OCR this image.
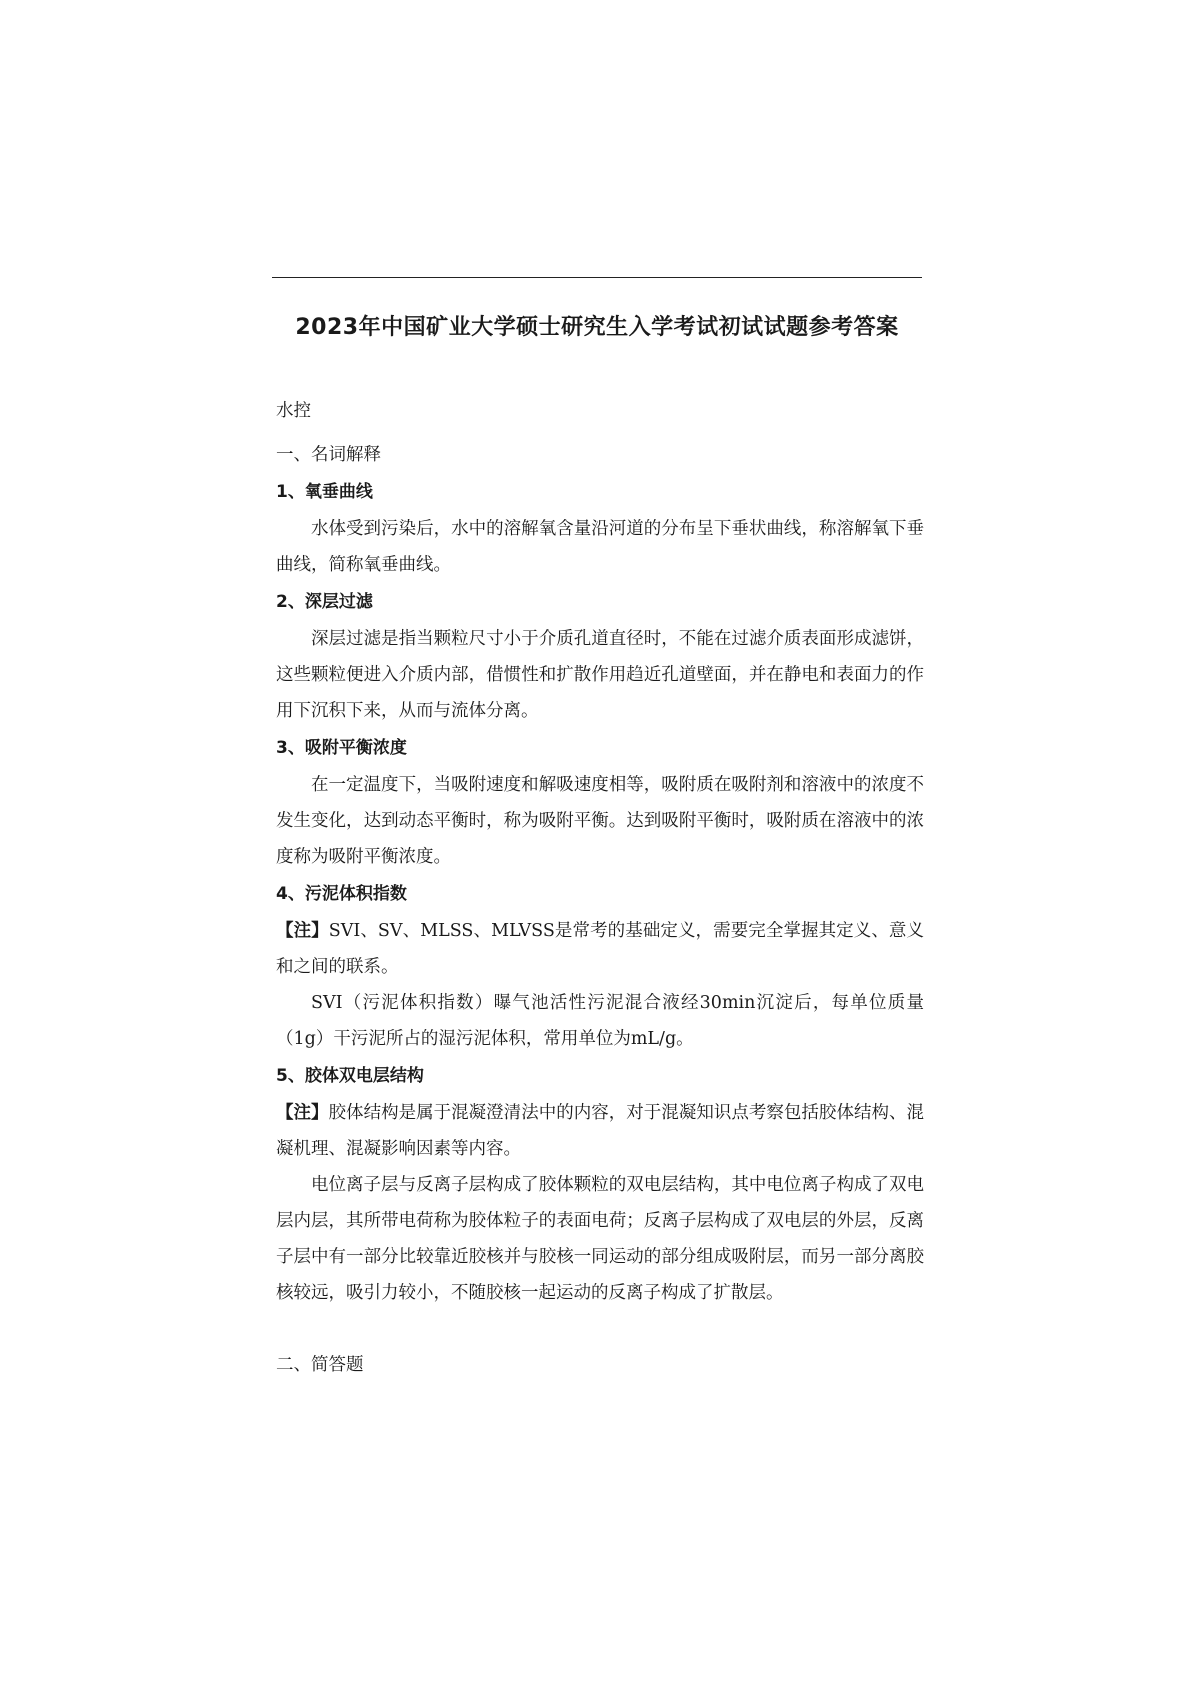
2023年中国矿业大学硕士研究生入学考试初试试题参考答案

水控

一、名词解释

1、氧垂曲线

水体受到污染后，水中的溶解氧含量沿河道的分布呈下垂状曲线，称溶解氧下垂曲线，简称氧垂曲线。

2、深层过滤

深层过滤是指当颗粒尺寸小于介质孔道直径时，不能在过滤介质表面形成滤饼，这些颗粒便进入介质内部，借惯性和扩散作用趋近孔道壁面，并在静电和表面力的作用下沉积下来，从而与流体分离。

3、吸附平衡浓度

在一定温度下，当吸附速度和解吸速度相等，吸附质在吸附剂和溶液中的浓度不发生变化，达到动态平衡时，称为吸附平衡。达到吸附平衡时，吸附质在溶液中的浓度称为吸附平衡浓度。

4、污泥体积指数

【注】SVI、SV、MLSS、MLVSS是常考的基础定义，需要完全掌握其定义、意义和之间的联系。

SVI（污泥体积指数）曝气池活性污泥混合液经30min沉淀后，每单位质量（1g）干污泥所占的湿污泥体积，常用单位为mL/g。

5、胶体双电层结构

【注】胶体结构是属于混凝澄清法中的内容，对于混凝知识点考察包括胶体结构、混凝机理、混凝影响因素等内容。

电位离子层与反离子层构成了胶体颗粒的双电层结构，其中电位离子构成了双电层内层，其所带电荷称为胶体粒子的表面电荷；反离子层构成了双电层的外层，反离子层中有一部分比较靠近胶核并与胶核一同运动的部分组成吸附层，而另一部分离胶核较远，吸引力较小，不随胶核一起运动的反离子构成了扩散层。

二、简答题
